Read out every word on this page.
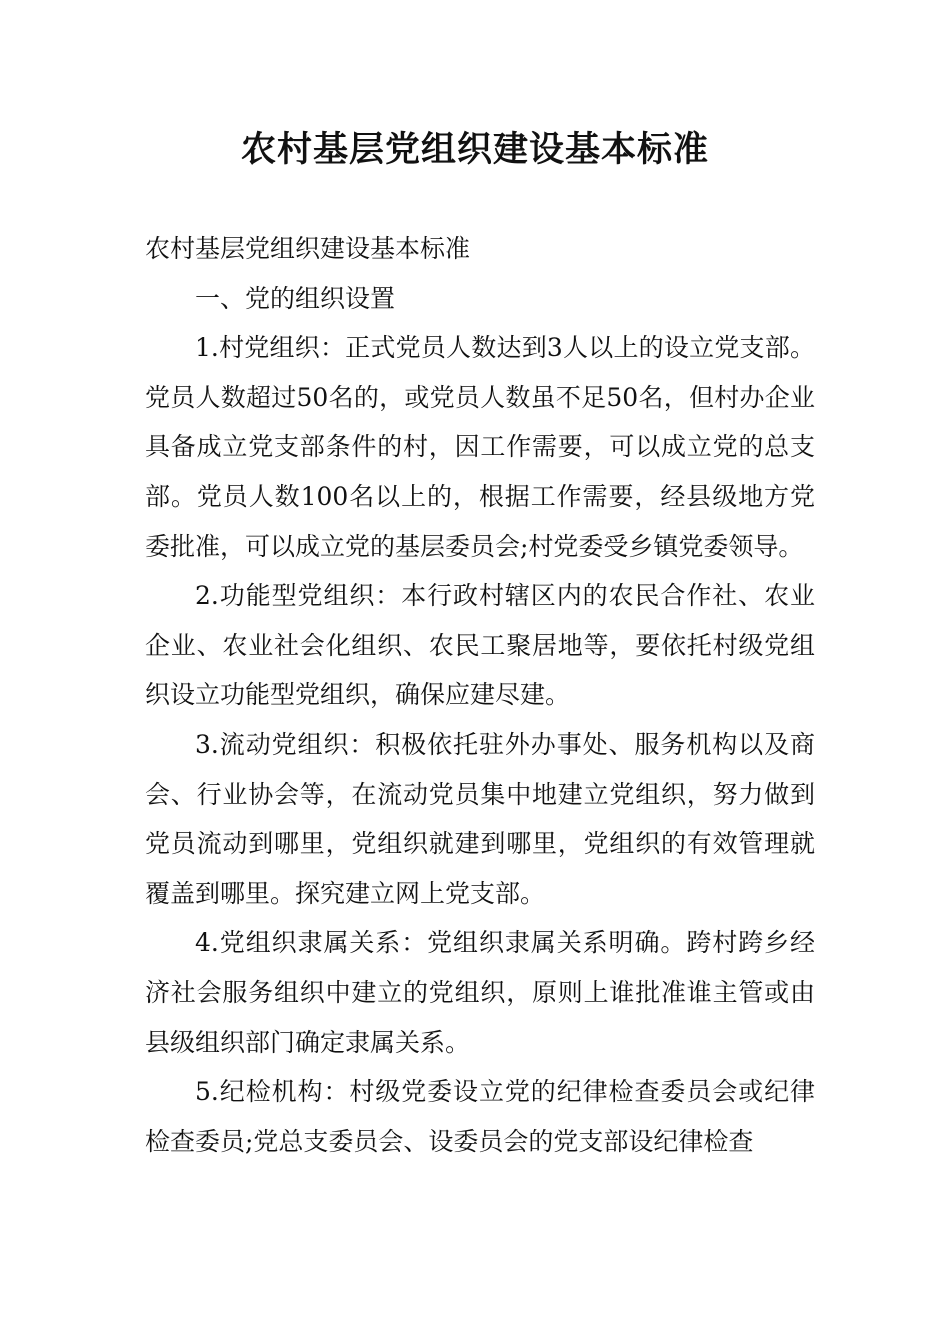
农村基层党组织建设基本标准

农村基层党组织建设基本标准

一、党的组织设置

1.村党组织：正式党员人数达到3人以上的设立党支部。党员人数超过50名的，或党员人数虽不足50名，但村办企业具备成立党支部条件的村，因工作需要，可以成立党的总支部。党员人数100名以上的，根据工作需要，经县级地方党委批准，可以成立党的基层委员会;村党委受乡镇党委领导。

2.功能型党组织：本行政村辖区内的农民合作社、农业企业、农业社会化组织、农民工聚居地等，要依托村级党组织设立功能型党组织，确保应建尽建。

3.流动党组织：积极依托驻外办事处、服务机构以及商会、行业协会等，在流动党员集中地建立党组织，努力做到党员流动到哪里，党组织就建到哪里，党组织的有效管理就覆盖到哪里。探究建立网上党支部。

4.党组织隶属关系：党组织隶属关系明确。跨村跨乡经济社会服务组织中建立的党组织，原则上谁批准谁主管或由县级组织部门确定隶属关系。

5.纪检机构：村级党委设立党的纪律检查委员会或纪律检查委员;党总支委员会、设委员会的党支部设纪律检查
